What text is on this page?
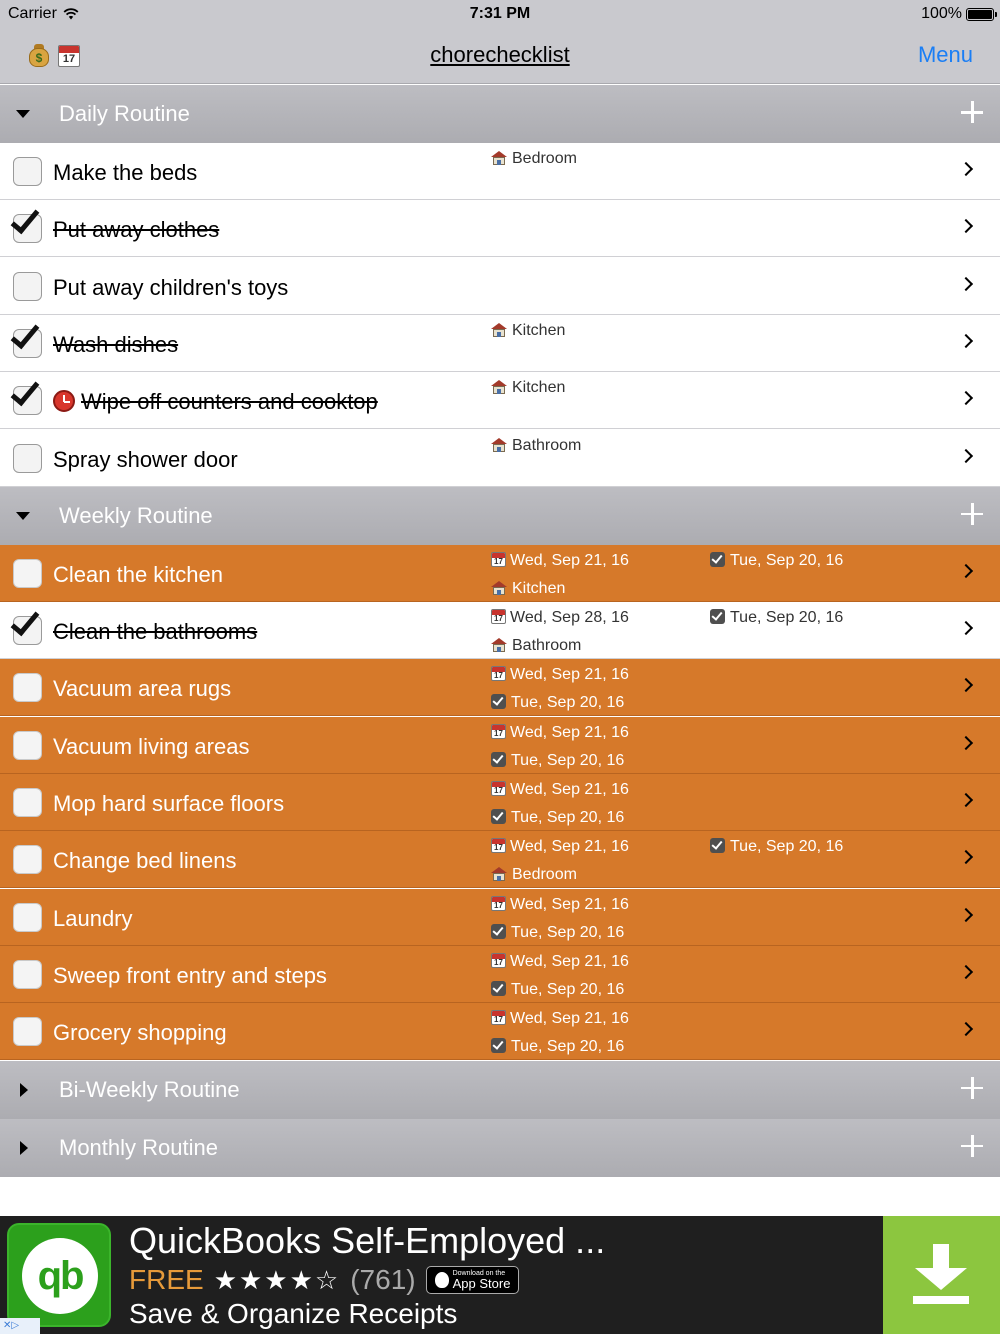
Carrier	7:31 PM	100%
$	17	chorechecklist	Menu
Daily Routine
Make the beds
Bedroom
Put away clothes
Put away children's toys
Wash dishes
Kitchen
Wipe off counters and cooktop
Kitchen
Spray shower door
Bathroom
Weekly Routine
Clean the kitchen
17 Wed, Sep 21, 16	Tue, Sep 20, 16
Kitchen
Clean the bathrooms
17 Wed, Sep 28, 16	Tue, Sep 20, 16
Bathroom
Vacuum area rugs
17 Wed, Sep 21, 16
Tue, Sep 20, 16
Vacuum living areas
17 Wed, Sep 21, 16
Tue, Sep 20, 16
Mop hard surface floors
17 Wed, Sep 21, 16
Tue, Sep 20, 16
Change bed linens
17 Wed, Sep 21, 16	Tue, Sep 20, 16
Bedroom
Laundry
17 Wed, Sep 21, 16
Tue, Sep 20, 16
Sweep front entry and steps
17 Wed, Sep 21, 16
Tue, Sep 20, 16
Grocery shopping
17 Wed, Sep 21, 16
Tue, Sep 20, 16
Bi-Weekly Routine
Monthly Routine
qb
QuickBooks Self-Employed ...
FREE ★★★★☆ (761)	Download on the
App Store
Save & Organize Receipts
✕▷
